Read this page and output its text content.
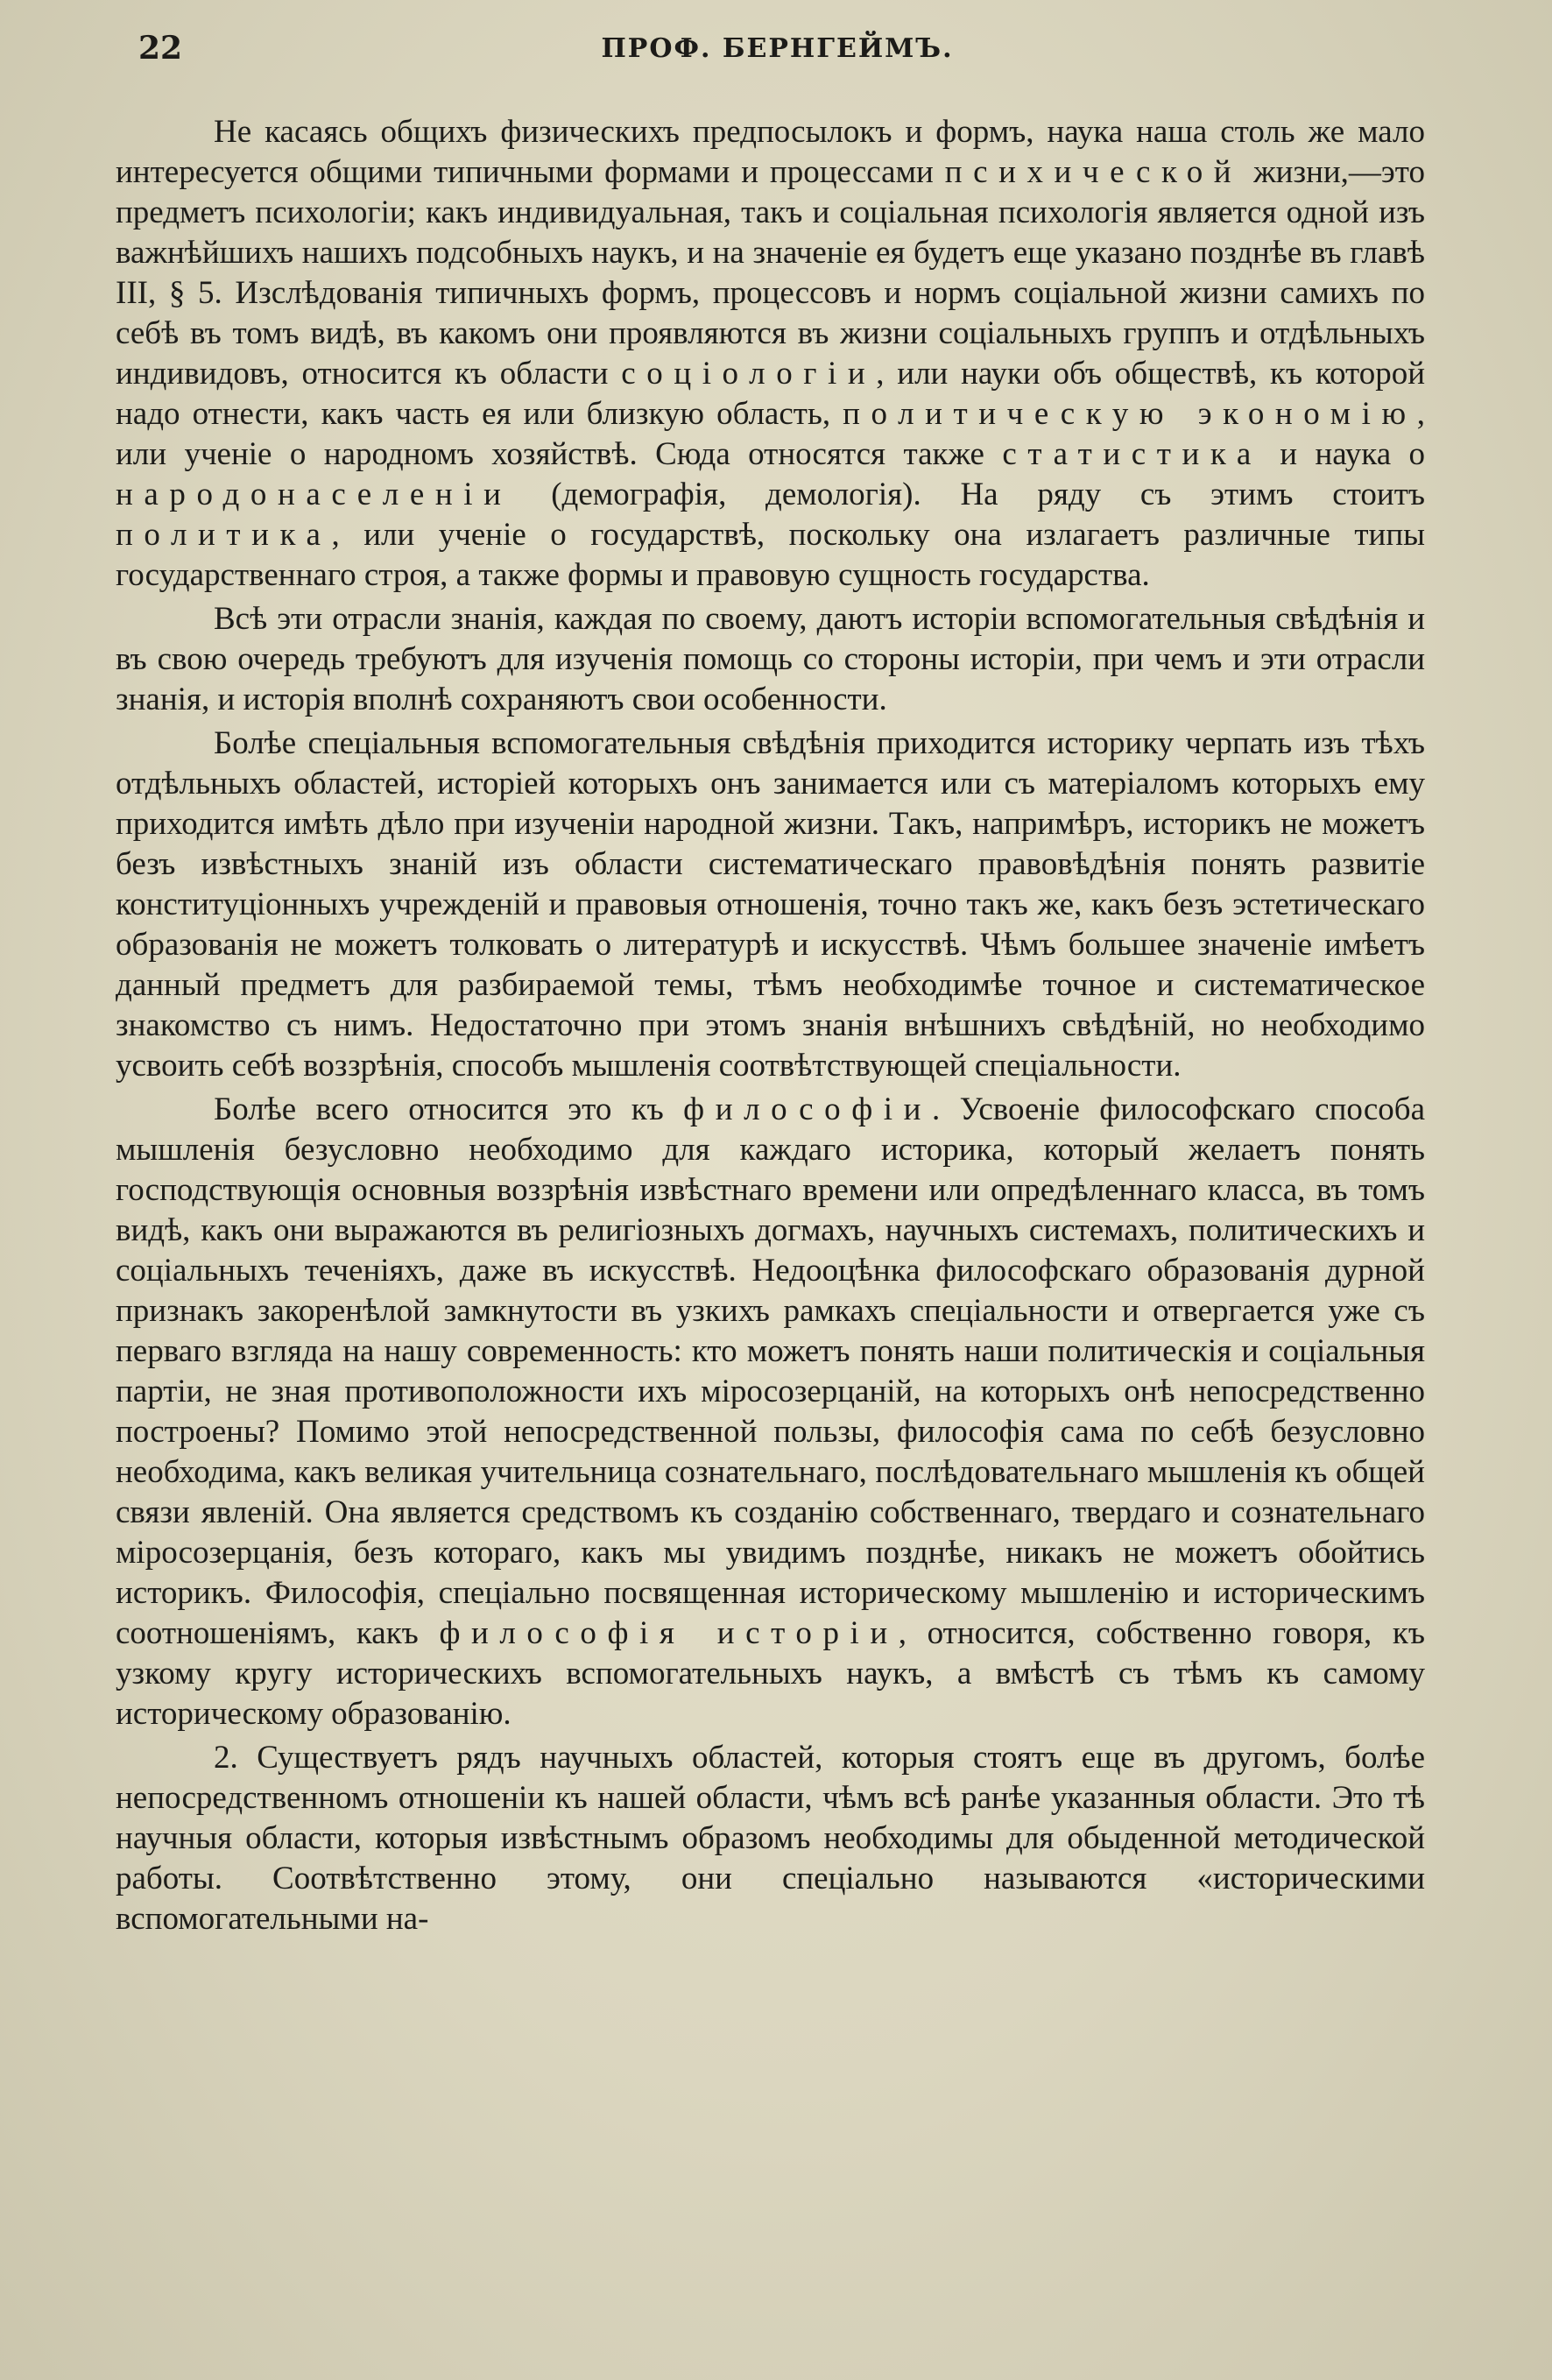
22	ПРОФ. БЕРНГЕЙМЪ.

Не касаясь общихъ физическихъ предпосылокъ и формъ, наука наша столь же мало интересуется общими типичными формами и процессами психической жизни,—это предметъ психологіи; какъ индивидуальная, такъ и соціальная психологія является одной изъ важнѣйшихъ нашихъ подсобныхъ наукъ, и на значеніе ея будетъ еще указано позднѣе въ главѣ III, § 5. Изслѣдованія типичныхъ формъ, процессовъ и нормъ соціальной жизни самихъ по себѣ въ томъ видѣ, въ какомъ они проявляются въ жизни соціальныхъ группъ и отдѣльныхъ индивидовъ, относится къ области соціологіи, или науки объ обществѣ, къ которой надо отнести, какъ часть ея или близкую область, политическую экономію, или ученіе о народномъ хозяйствѣ. Сюда относятся также статистика и наука о народонаселеніи (демографія, демологія). На ряду съ этимъ стоитъ политика, или ученіе о государствѣ, поскольку она излагаетъ различные типы государственнаго строя, а также формы и правовую сущность государства.

Всѣ эти отрасли знанія, каждая по своему, даютъ исторіи вспомогательныя свѣдѣнія и въ свою очередь требуютъ для изученія помощь со стороны исторіи, при чемъ и эти отрасли знанія, и исторія вполнѣ сохраняютъ свои особенности.

Болѣе спеціальныя вспомогательныя свѣдѣнія приходится историку черпать изъ тѣхъ отдѣльныхъ областей, исторіей которыхъ онъ занимается или съ матеріаломъ которыхъ ему приходится имѣть дѣло при изученіи народной жизни. Такъ, напримѣръ, историкъ не можетъ безъ извѣстныхъ знаній изъ области систематическаго правовѣдѣнія понять развитіе конституціонныхъ учрежденій и правовыя отношенія, точно такъ же, какъ безъ эстетическаго образованія не можетъ толковать о литературѣ и искусствѣ. Чѣмъ большее значеніе имѣетъ данный предметъ для разбираемой темы, тѣмъ необходимѣе точное и систематическое знакомство съ нимъ. Недостаточно при этомъ знанія внѣшнихъ свѣдѣній, но необходимо усвоить себѣ воззрѣнія, способъ мышленія соотвѣтствующей спеціальности.

Болѣе всего относится это къ философіи. Усвоеніе философскаго способа мышленія безусловно необходимо для каждаго историка, который желаетъ понять господствующія основныя воззрѣнія извѣстнаго времени или опредѣленнаго класса, въ томъ видѣ, какъ они выражаются въ религіозныхъ догмахъ, научныхъ системахъ, политическихъ и соціальныхъ теченіяхъ, даже въ искусствѣ. Недооцѣнка философскаго образованія дурной признакъ закоренѣлой замкнутости въ узкихъ рамкахъ спеціальности и отвергается уже съ перваго взгляда на нашу современность: кто можетъ понять наши политическія и соціальныя партіи, не зная противоположности ихъ міросозерцаній, на которыхъ онѣ непосредственно построены? Помимо этой непосредственной пользы, философія сама по себѣ безусловно необходима, какъ великая учительница сознательнаго, послѣдовательнаго мышленія къ общей связи явленій. Она является средствомъ къ созданію собственнаго, твердаго и сознательнаго міросозерцанія, безъ котораго, какъ мы увидимъ позднѣе, никакъ не можетъ обойтись историкъ. Философія, спеціально посвященная историческому мышленію и историческимъ соотношеніямъ, какъ философія исторіи, относится, собственно говоря, къ узкому кругу историческихъ вспомогательныхъ наукъ, а вмѣстѣ съ тѣмъ къ самому историческому образованію.

2. Существуетъ рядъ научныхъ областей, которыя стоятъ еще въ другомъ, болѣе непосредственномъ отношеніи къ нашей области, чѣмъ всѣ ранѣе указанныя области. Это тѣ научныя области, которыя извѣстнымъ образомъ необходимы для обыденной методической работы. Соотвѣтственно этому, они спеціально называются «историческими вспомогательными на-
